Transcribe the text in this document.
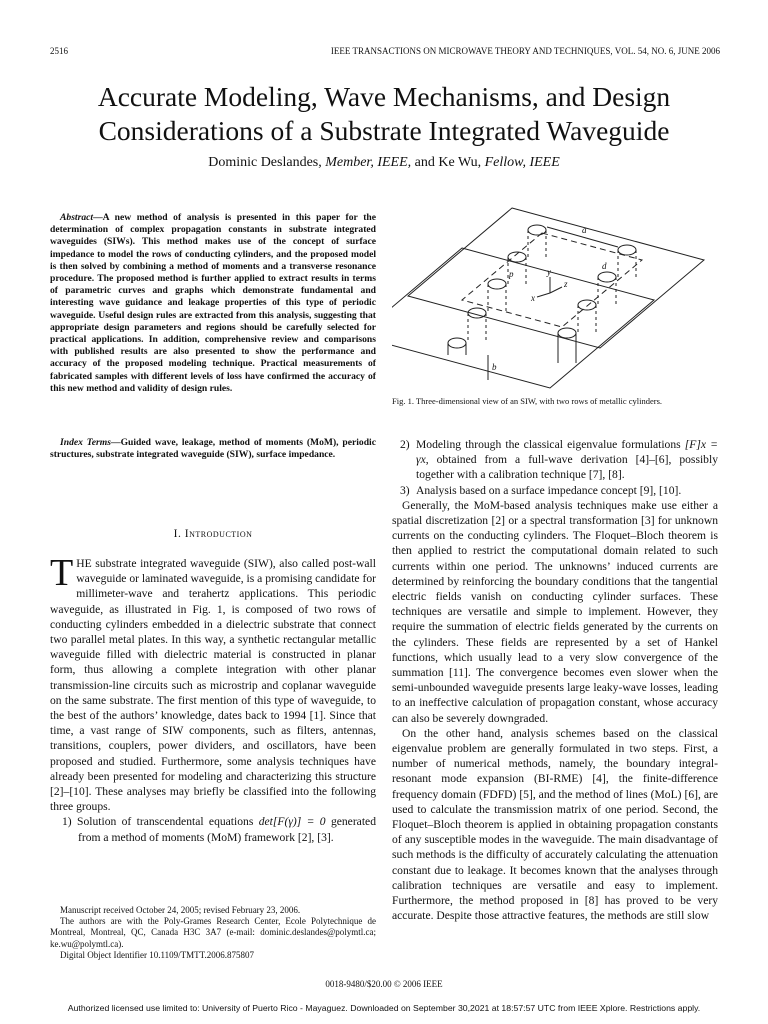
2516	IEEE TRANSACTIONS ON MICROWAVE THEORY AND TECHNIQUES, VOL. 54, NO. 6, JUNE 2006
Accurate Modeling, Wave Mechanisms, and Design
Considerations of a Substrate Integrated Waveguide
Dominic Deslandes, Member, IEEE, and Ke Wu, Fellow, IEEE
Abstract—A new method of analysis is presented in this paper for the determination of complex propagation constants in substrate integrated waveguides (SIWs). This method makes use of the concept of surface impedance to model the rows of conducting cylinders, and the proposed model is then solved by combining a method of moments and a transverse resonance procedure. The proposed method is further applied to extract results in terms of parametric curves and graphs which demonstrate fundamental and interesting wave guidance and leakage properties of this type of periodic waveguide. Useful design rules are extracted from this analysis, suggesting that appropriate design parameters and regions should be carefully selected for practical applications. In addition, comprehensive review and comparisons with published results are also presented to show the performance and accuracy of the proposed modeling technique. Practical measurements of fabricated samples with different levels of loss have confirmed the accuracy of this new method and validity of design rules.
Index Terms—Guided wave, leakage, method of moments (MoM), periodic structures, substrate integrated waveguide (SIW), surface impedance.
I. Introduction

THE substrate integrated waveguide (SIW), also called post-wall waveguide or laminated waveguide, is a promising candidate for millimeter-wave and terahertz applications. This periodic waveguide, as illustrated in Fig. 1, is composed of two rows of conducting cylinders embedded in a dielectric substrate that connect two parallel metal plates. In this way, a synthetic rectangular metallic waveguide filled with dielectric material is constructed in planar form, thus allowing a complete integration with other planar transmission-line circuits such as microstrip and coplanar waveguide on the same substrate. The first mention of this type of waveguide, to the best of the authors’ knowledge, dates back to 1994 [1]. Since that time, a vast range of SIW components, such as filters, antennas, transitions, couplers, power dividers, and oscillators, have been proposed and studied. Furthermore, some analysis techniques have already been presented for modeling and characterizing this structure [2]–[10]. These analyses may briefly be classified into the following three groups.

1) Solution of transcendental equations det[F(γ)] = 0 generated from a method of moments (MoM) framework [2], [3].

Manuscript received October 24, 2005; revised February 23, 2006.

The authors are with the Poly-Grames Research Center, Ecole Polytechnique de Montreal, Montreal, QC, Canada H3C 3A7 (e-mail: dominic.deslandes@polymtl.ca; ke.wu@polymtl.ca).

Digital Object Identifier 10.1109/TMTT.2006.875807

a
p
d
b
x
y
z
Fig. 1. Three-dimensional view of an SIW, with two rows of metallic cylinders.

2) Modeling through the classical eigenvalue formulations [F]x = γx, obtained from a full-wave derivation [4]–[6], possibly together with a calibration technique [7], [8].

3) Analysis based on a surface impedance concept [9], [10].

Generally, the MoM-based analysis techniques make use either a spatial discretization [2] or a spectral transformation [3] for unknown currents on the conducting cylinders. The Floquet–Bloch theorem is then applied to restrict the computational domain related to such currents within one period. The unknowns’ induced currents are determined by reinforcing the boundary conditions that the tangential electric fields vanish on conducting cylinder surfaces. These techniques are versatile and simple to implement. However, they require the summation of electric fields generated by the currents on the cylinders. These fields are represented by a set of Hankel functions, which usually lead to a very slow convergence of the summation [11]. The convergence becomes even slower when the semi-unbounded waveguide presents large leaky-wave losses, leading to an ineffective calculation of propagation constant, whose accuracy can also be severely downgraded.

On the other hand, analysis schemes based on the classical eigenvalue problem are generally formulated in two steps. First, a number of numerical methods, namely, the boundary integral-resonant mode expansion (BI-RME) [4], the finite-difference frequency domain (FDFD) [5], and the method of lines (MoL) [6], are used to calculate the transmission matrix of one period. Second, the Floquet–Bloch theorem is applied in obtaining propagation constants of any susceptible modes in the waveguide. The main disadvantage of such methods is the difficulty of accurately calculating the attenuation constant due to leakage. It becomes known that the analyses through calibration techniques are versatile and easy to implement. Furthermore, the method proposed in [8] has proved to be very accurate. Despite those attractive features, the methods are still slow

0018-9480/$20.00 © 2006 IEEE
Authorized licensed use limited to: University of Puerto Rico - Mayaguez. Downloaded on September 30,2021 at 18:57:57 UTC from IEEE Xplore. Restrictions apply.
